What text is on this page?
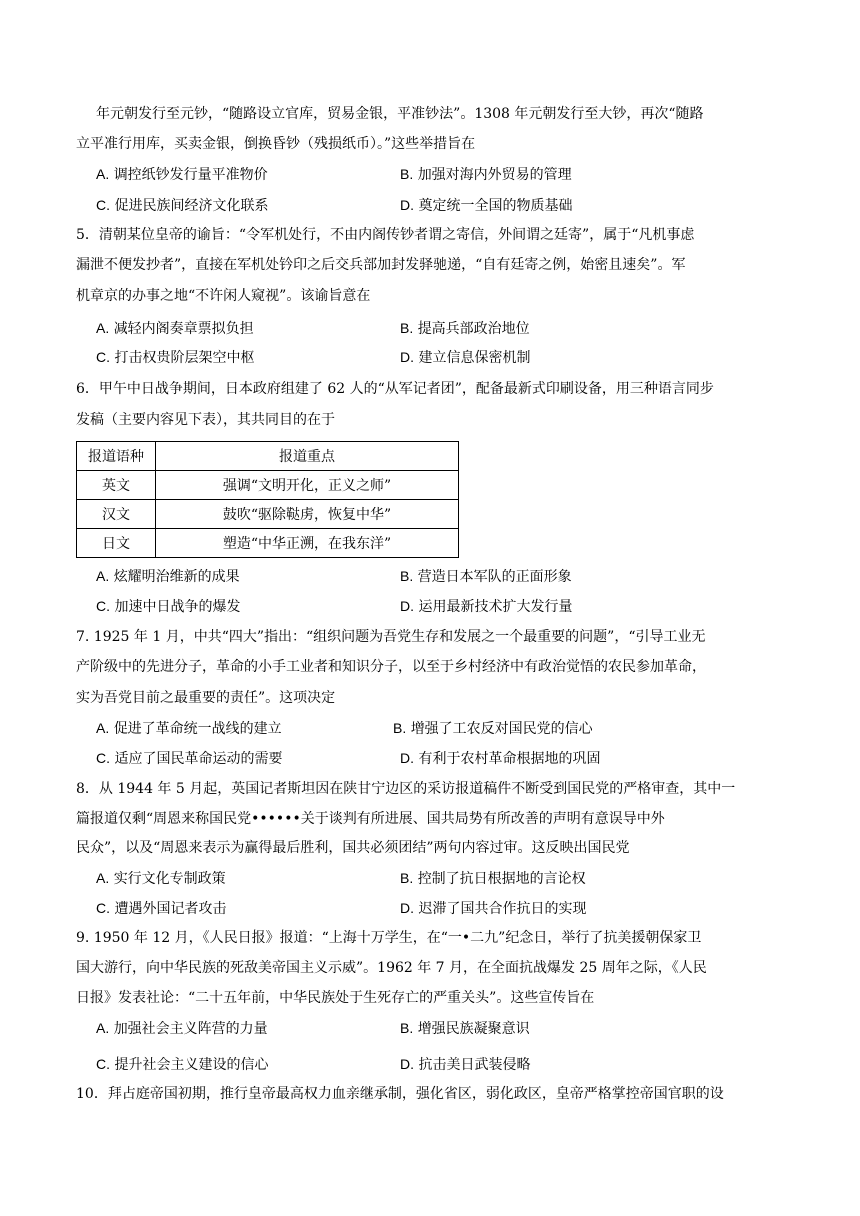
年元朝发行至元钞，“随路设立官库，贸易金银，平准钞法”。1308 年元朝发行至大钞，再次“随路
立平准行用库，买卖金银，倒换昏钞（残损纸币）。”这些举措旨在
A. 调控纸钞发行量平准物价	B. 加强对海内外贸易的管理
C. 促进民族间经济文化联系	D. 奠定统一全国的物质基础
5．清朝某位皇帝的谕旨：“令军机处行，不由内阁传钞者谓之寄信，外间谓之廷寄”，属于“凡机事虑
漏泄不便发抄者”，直接在军机处钤印之后交兵部加封发驿驰递，“自有廷寄之例，始密且速矣”。军
机章京的办事之地“不许闲人窥视”。该谕旨意在
A. 减轻内阁奏章票拟负担	B. 提高兵部政治地位
C. 打击权贵阶层架空中枢	D. 建立信息保密机制
6．甲午中日战争期间，日本政府组建了 62 人的“从军记者团”，配备最新式印刷设备，用三种语言同步
发稿（主要内容见下表），其共同目的在于
报道语种	报道重点
英文	强调“文明开化，正义之师”
汉文	鼓吹“驱除鞑虏，恢复中华”
日文	塑造“中华正溯，在我东洋”
A. 炫耀明治维新的成果	B. 营造日本军队的正面形象
C. 加速中日战争的爆发	D. 运用最新技术扩大发行量
7. 1925 年 1 月，中共“四大”指出：“组织问题为吾党生存和发展之一个最重要的问题”，“引导工业无
产阶级中的先进分子，革命的小手工业者和知识分子，以至于乡村经济中有政治觉悟的农民参加革命，
实为吾党目前之最重要的责任”。这项决定
A. 促进了革命统一战线的建立	B. 增强了工农反对国民党的信心
C. 适应了国民革命运动的需要	D. 有利于农村革命根据地的巩固
8．从 1944 年 5 月起，英国记者斯坦因在陕甘宁边区的采访报道稿件不断受到国民党的严格审查，其中一
篇报道仅剩“周恩来称国民党••••••关于谈判有所进展、国共局势有所改善的声明有意误导中外
民众”，以及“周恩来表示为赢得最后胜利，国共必须团结”两句内容过审。这反映出国民党
A. 实行文化专制政策	B. 控制了抗日根据地的言论权
C. 遭遇外国记者攻击	D. 迟滞了国共合作抗日的实现
9. 1950 年 12 月，《人民日报》报道：“上海十万学生，在“一•二九”纪念日，举行了抗美援朝保家卫
国大游行，向中华民族的死敌美帝国主义示威”。1962 年 7 月，在全面抗战爆发 25 周年之际，《人民
日报》发表社论：“二十五年前，中华民族处于生死存亡的严重关头”。这些宣传旨在
A. 加强社会主义阵营的力量	B. 增强民族凝聚意识
C. 提升社会主义建设的信心	D. 抗击美日武装侵略
10．拜占庭帝国初期，推行皇帝最高权力血亲继承制，强化省区，弱化政区，皇帝严格掌控帝国官职的设
